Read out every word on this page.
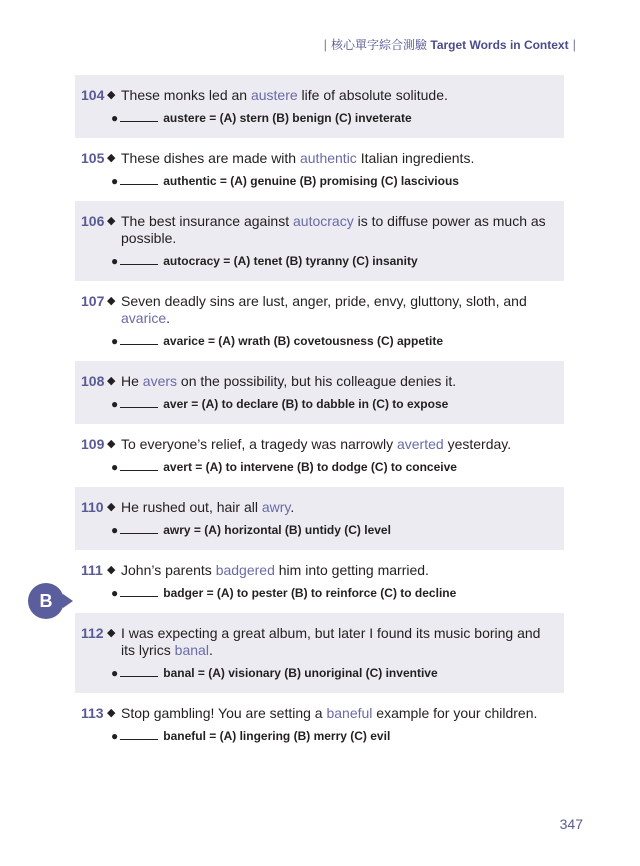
| 核心單字綜合測驗
Target Words in Context |
B
104 ◆ These monks led an austere life of absolute solitude.
●	austere = (A) stern (B) benign (C) inveterate
105 ◆ These dishes are made with authentic Italian ingredients.
●	authentic = (A) genuine (B) promising (C) lascivious
106 ◆ The best insurance against autocracy is to diffuse power as much as possible.
●	autocracy = (A) tenet (B) tyranny (C) insanity
107 ◆ Seven deadly sins are lust, anger, pride, envy, gluttony, sloth, and avarice.
●	avarice = (A) wrath (B) covetousness (C) appetite
108 ◆ He avers on the possibility, but his colleague denies it.
●	aver = (A) to declare (B) to dabble in (C) to expose
109 ◆ To everyone’s relief, a tragedy was narrowly averted yesterday.
●	avert = (A) to intervene (B) to dodge (C) to conceive
110 ◆ He rushed out, hair all awry.
●	awry = (A) horizontal (B) untidy (C) level
111 ◆ John’s parents badgered him into getting married.
●	badger = (A) to pester (B) to reinforce (C) to decline
112 ◆ I was expecting a great album, but later I found its music boring and its lyrics banal.
●	banal = (A) visionary (B) unoriginal (C) inventive
113 ◆ Stop gambling! You are setting a baneful example for your children.
●	baneful = (A) lingering (B) merry (C) evil
347
